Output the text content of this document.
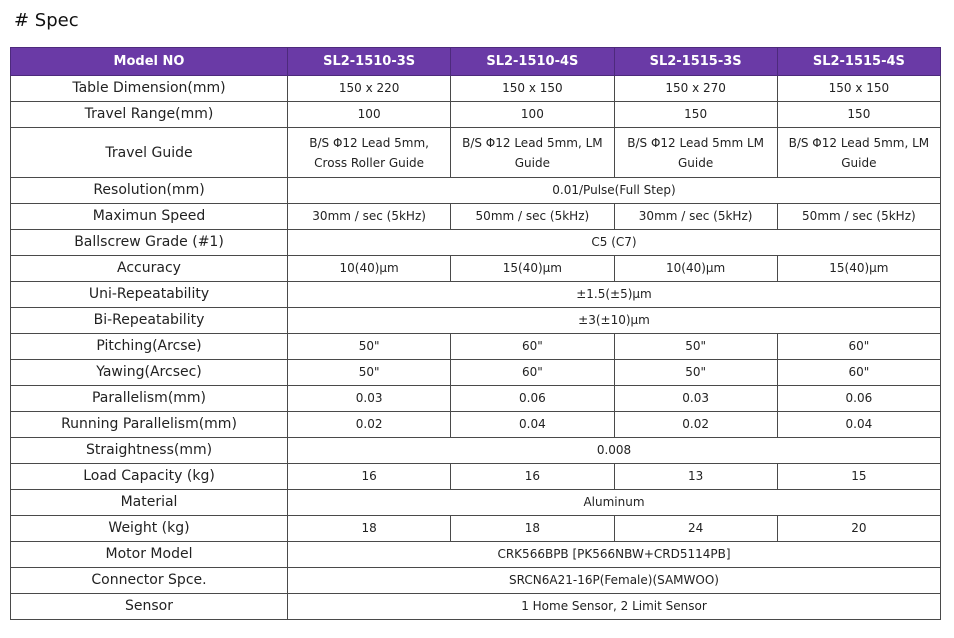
# Spec
Model NO	SL2-1510-3S	SL2-1510-4S	SL2-1515-3S	SL2-1515-4S
Table Dimension(mm)	150 x 220	150 x 150	150 x 270	150 x 150
Travel Range(mm)	100	100	150	150
Travel Guide	B/S Φ12 Lead 5mm, Cross Roller Guide	B/S Φ12 Lead 5mm, LM Guide	B/S Φ12 Lead 5mm LM Guide	B/S Φ12 Lead 5mm, LM Guide
Resolution(mm)	0.01/Pulse(Full Step)			
Maximun Speed	30mm / sec (5kHz)	50mm / sec (5kHz)	30mm / sec (5kHz)	50mm / sec (5kHz)
Ballscrew Grade (#1)	C5 (C7)			
Accuracy	10(40)µm	15(40)µm	10(40)µm	15(40)µm
Uni-Repeatability	±1.5(±5)µm			
Bi-Repeatability	±3(±10)µm			
Pitching(Arcse)	50"	60"	50"	60"
Yawing(Arcsec)	50"	60"	50"	60"
Parallelism(mm)	0.03	0.06	0.03	0.06
Running Parallelism(mm)	0.02	0.04	0.02	0.04
Straightness(mm)	0.008			
Load Capacity (kg)	16	16	13	15
Material	Aluminum			
Weight (kg)	18	18	24	20
Motor Model	CRK566BPB [PK566NBW+CRD5114PB]			
Connector Spce.	SRCN6A21-16P(Female)(SAMWOO)			
Sensor	1 Home Sensor, 2 Limit Sensor			
